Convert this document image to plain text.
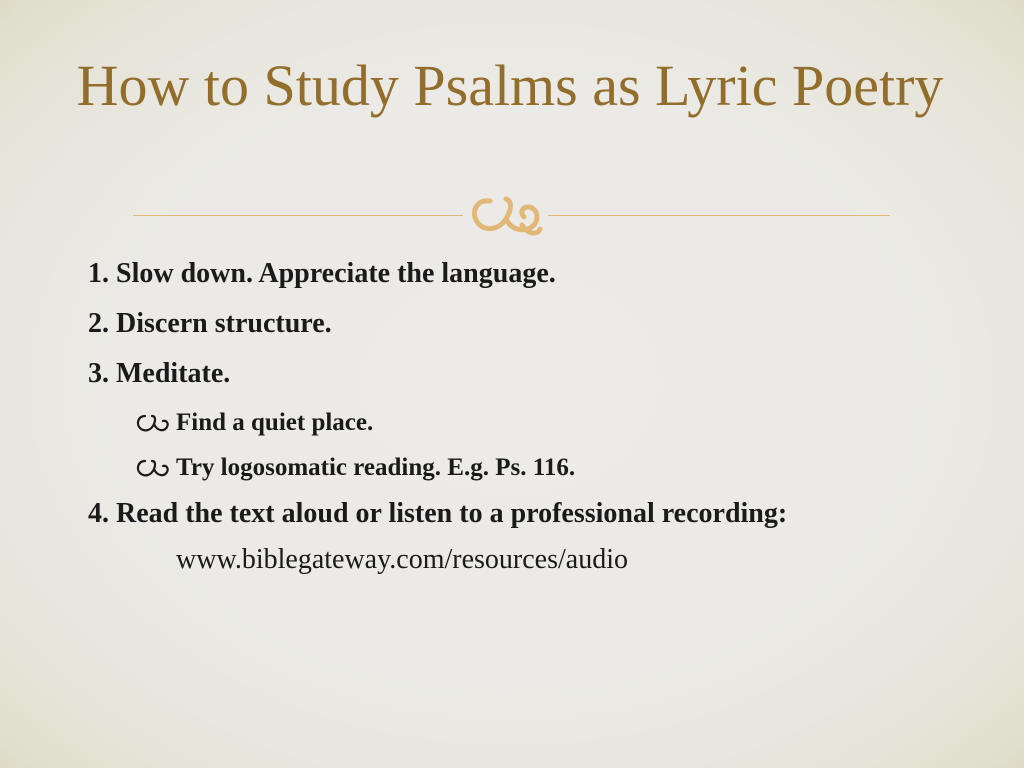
How to Study Psalms as Lyric Poetry

1. Slow down. Appreciate the language.

2. Discern structure.

3. Meditate.

Find a quiet place.

Try logosomatic reading. E.g. Ps. 116.

4. Read the text aloud or listen to a professional recording:

www.biblegateway.com/resources/audio
